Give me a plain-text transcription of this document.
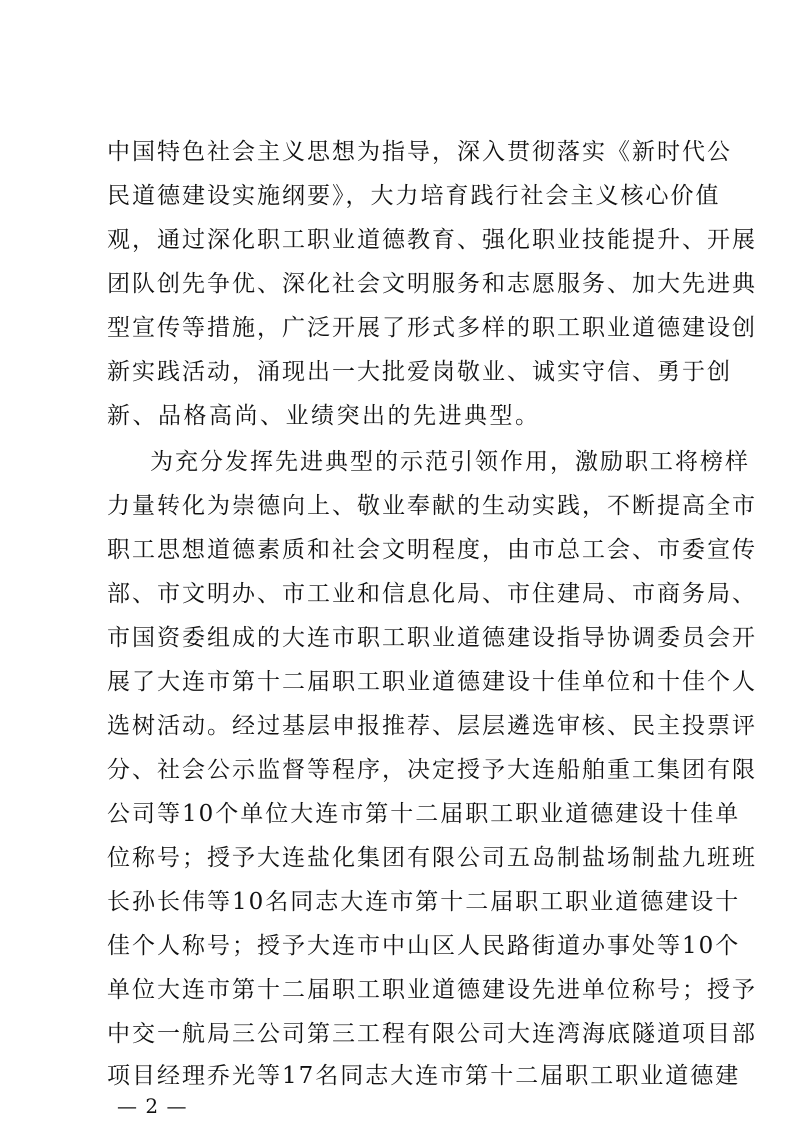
中国特色社会主义思想为指导，深入贯彻落实《新时代公
民道德建设实施纲要》，大力培育践行社会主义核心价值
观，通过深化职工职业道德教育、强化职业技能提升、开展
团队创先争优、深化社会文明服务和志愿服务、加大先进典
型宣传等措施，广泛开展了形式多样的职工职业道德建设创
新实践活动，涌现出一大批爱岗敬业、诚实守信、勇于创
新、品格高尚、业绩突出的先进典型。
为充分发挥先进典型的示范引领作用，激励职工将榜样
力量转化为崇德向上、敬业奉献的生动实践，不断提高全市
职工思想道德素质和社会文明程度，由市总工会、市委宣传
部、市文明办、市工业和信息化局、市住建局、市商务局、
市国资委组成的大连市职工职业道德建设指导协调委员会开
展了大连市第十二届职工职业道德建设十佳单位和十佳个人
选树活动。经过基层申报推荐、层层遴选审核、民主投票评
分、社会公示监督等程序，决定授予大连船舶重工集团有限
公司等10个单位大连市第十二届职工职业道德建设十佳单
位称号；授予大连盐化集团有限公司五岛制盐场制盐九班班
长孙长伟等10名同志大连市第十二届职工职业道德建设十
佳个人称号；授予大连市中山区人民路街道办事处等10个
单位大连市第十二届职工职业道德建设先进单位称号；授予
中交一航局三公司第三工程有限公司大连湾海底隧道项目部
项目经理乔光等17名同志大连市第十二届职工职业道德建
— 2 —
